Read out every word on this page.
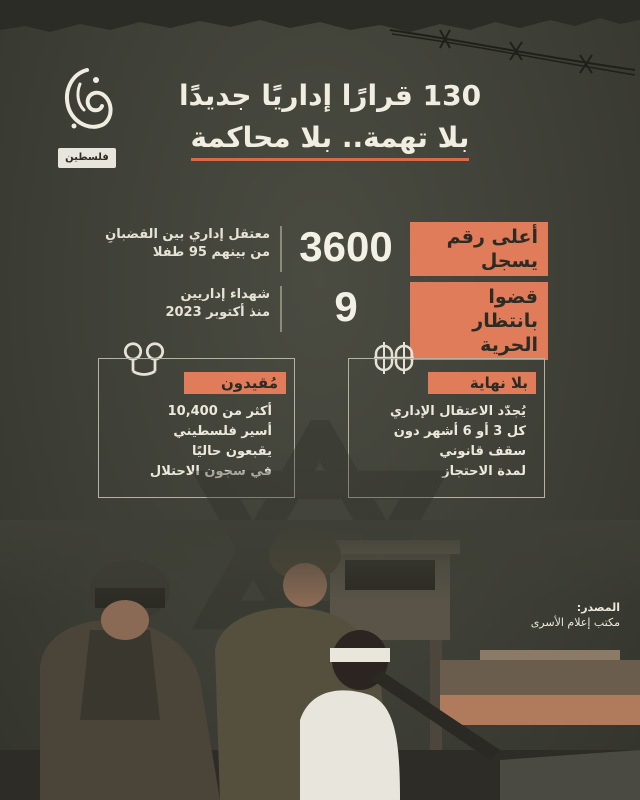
فلسطين
130 قرارًا إداريًا جديدًا
بلا تهمة.. بلا محاكمة
أعلى رقم
يسجل
3600
معتقل إداري بين القضبانِ
من بينهم 95 طفلا
قضوا بانتظار
الحرية
9
شهداء إداريين
منذ أكتوبر 2023
مُقيدون
أكثر من 10,400
أسير فلسطيني
يقبعون حاليًا
في سجون الاحتلال
بلا نهاية
يُجدّد الاعتقال الإداري
كل 3 أو 6 أشهر دون
سقف قانوني
لمدة الاحتجاز
المصدر:
مكتب إعلام الأسرى
